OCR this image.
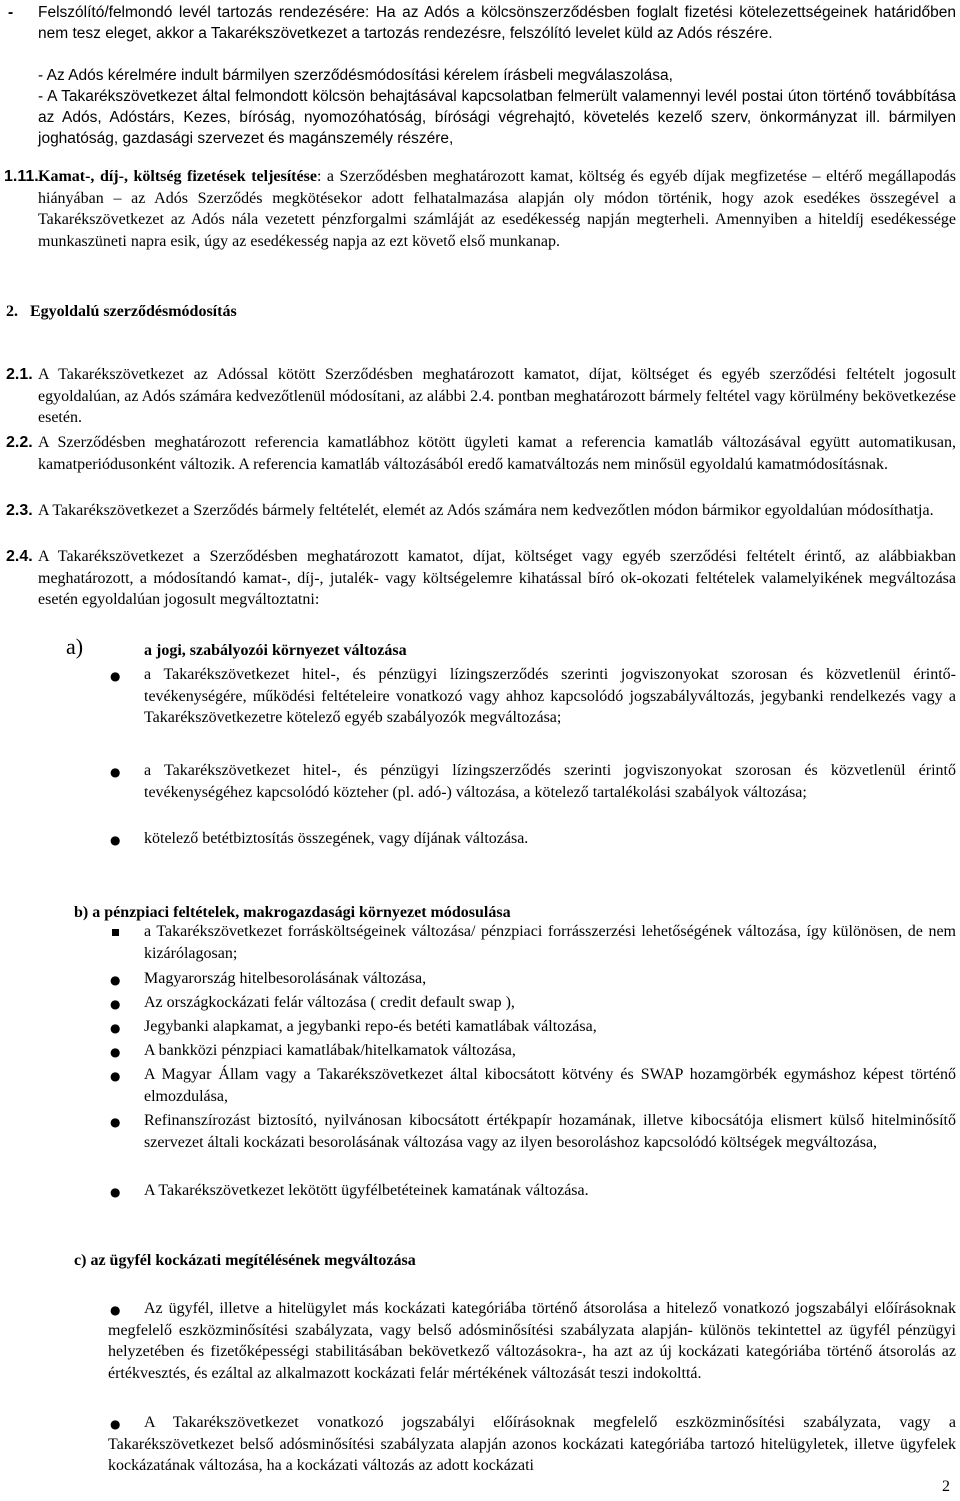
- Felszólító/felmondó levél tartozás rendezésére: Ha az Adós a kölcsönszerződésben foglalt fizetési kötelezettségeinek határidőben nem tesz eleget, akkor a Takarékszövetkezet a tartozás rendezésre, felszólító levelet küld az Adós részére.
- Az Adós kérelmére indult bármilyen szerződésmódosítási kérelem írásbeli megválaszolása,
- A Takarékszövetkezet által felmondott kölcsön behajtásával kapcsolatban felmerült valamennyi levél postai úton történő továbbítása az Adós, Adóstárs, Kezes, bíróság, nyomozóhatóság, bírósági végrehajtó, követelés kezelő szerv, önkormányzat ill. bármilyen joghatóság, gazdasági szervezet és magánszemély részére,
1.11. Kamat-, díj-, költség fizetések teljesítése: a Szerződésben meghatározott kamat, költség és egyéb díjak megfizetése – eltérő megállapodás hiányában – az Adós Szerződés megkötésekor adott felhatalmazása alapján oly módon történik, hogy azok esedékes összegével a Takarékszövetkezet az Adós nála vezetett pénzforgalmi számláját az esedékesség napján megterheli. Amennyiben a hiteldíj esedékessége munkaszüneti napra esik, úgy az esedékesség napja az ezt követő első munkanap.
2. Egyoldalú szerződésmódosítás
2.1. A Takarékszövetkezet az Adóssal kötött Szerződésben meghatározott kamatot, díjat, költséget és egyéb szerződési feltételt jogosult egyoldalúan, az Adós számára kedvezőtlenül módosítani, az alábbi 2.4. pontban meghatározott bármely feltétel vagy körülmény bekövetkezése esetén.
2.2. A Szerződésben meghatározott referencia kamatlábhoz kötött ügyleti kamat a referencia kamatláb változásával együtt automatikusan, kamatperiódusonként változik. A referencia kamatláb változásából eredő kamatváltozás nem minősül egyoldalú kamatmódosításnak.
2.3. A Takarékszövetkezet a Szerződés bármely feltételét, elemét az Adós számára nem kedvezőtlen módon bármikor egyoldalúan módosíthatja.
2.4. A Takarékszövetkezet a Szerződésben meghatározott kamatot, díjat, költséget vagy egyéb szerződési feltételt érintő, az alábbiakban meghatározott, a módosítandó kamat-, díj-, jutalék- vagy költségelemre kihatással bíró ok-okozati feltételek valamelyikének megváltozása esetén egyoldalúan jogosult megváltoztatni:
a)	a jogi, szabályozói környezet változása
● a Takarékszövetkezet hitel-, és pénzügyi lízingszerződés szerinti jogviszonyokat szorosan és közvetlenül érintő- tevékenységére, működési feltételeire vonatkozó vagy ahhoz kapcsolódó jogszabályváltozás, jegybanki rendelkezés vagy a Takarékszövetkezetre kötelező egyéb szabályozók megváltozása;
● a Takarékszövetkezet hitel-, és pénzügyi lízingszerződés szerinti jogviszonyokat szorosan és közvetlenül érintő tevékenységéhez kapcsolódó közteher (pl. adó-) változása, a kötelező tartalékolási szabályok változása;
● kötelező betétbiztosítás összegének, vagy díjának változása.
b) a pénzpiaci feltételek, makrogazdasági környezet módosulása
a Takarékszövetkezet forrásköltségeinek változása/ pénzpiaci forrásszerzési lehetőségének változása, így különösen, de nem kizárólagosan;
● Magyarország hitelbesorolásának változása,
● Az országkockázati felár változása ( credit default swap ),
● Jegybanki alapkamat, a jegybanki repo-és betéti kamatlábak változása,
● A bankközi pénzpiaci kamatlábak/hitelkamatok változása,
● A Magyar Állam vagy a Takarékszövetkezet által kibocsátott kötvény és SWAP hozamgörbék egymáshoz képest történő elmozdulása,
● Refinanszírozást biztosító, nyilvánosan kibocsátott értékpapír hozamának, illetve kibocsátója elismert külső hitelminősítő szervezet általi kockázati besorolásának változása vagy az ilyen besoroláshoz kapcsolódó költségek megváltozása,
● A Takarékszövetkezet lekötött ügyfélbetéteinek kamatának változása.
c) az ügyfél kockázati megítélésének megváltozása
●	Az ügyfél, illetve a hitelügylet más kockázati kategóriába történő átsorolása a hitelező vonatkozó jogszabályi előírásoknak megfelelő eszközminősítési szabályzata, vagy belső adósminősítési szabályzata alapján- különös tekintettel az ügyfél pénzügyi helyzetében és fizetőképességi stabilitásában bekövetkező változásokra-, ha azt az új kockázati kategóriába történő átsorolás az értékvesztés, és ezáltal az alkalmazott kockázati felár mértékének változását teszi indokolttá.
●	A Takarékszövetkezet vonatkozó jogszabályi előírásoknak megfelelő eszközminősítési szabályzata, vagy a Takarékszövetkezet belső adósminősítési szabályzata alapján azonos kockázati kategóriába tartozó hitelügyletek, illetve ügyfelek kockázatának változása, ha a kockázati változás az adott kockázati
2
